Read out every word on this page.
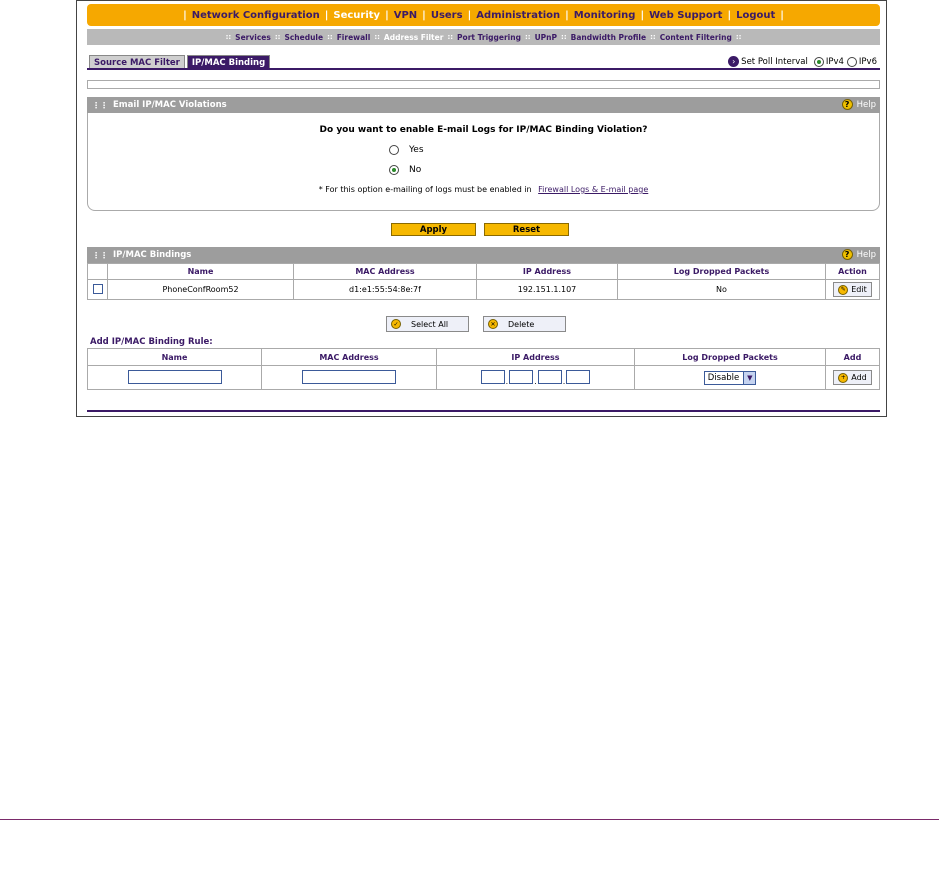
| Network Configuration | Security | VPN | Users | Administration | Monitoring | Web Support | Logout |
:: Services :: Schedule :: Firewall :: Address Filter :: Port Triggering :: UPnP :: Bandwidth Profile :: Content Filtering ::
Source MAC Filter	IP/MAC Binding	› Set Poll Interval IPv4 IPv6
⋮⋮ Email IP/MAC Violations	? Help
Do you want to enable E-mail Logs for IP/MAC Binding Violation?
Yes
No
* For this option e-mailing of logs must be enabled in Firewall Logs & E-mail page
Apply	Reset
⋮⋮ IP/MAC Bindings	? Help
	Name	MAC Address	IP Address	Log Dropped Packets	Action
	PhoneConfRoom52	d1:e1:55:54:8e:7f	192.151.1.107	No	✎ Edit
✓	Select All	✕	Delete
Add IP/MAC Binding Rule:
Name	MAC Address	IP Address	Log Dropped Packets	Add
		. . .	Disable ▼	+ Add
